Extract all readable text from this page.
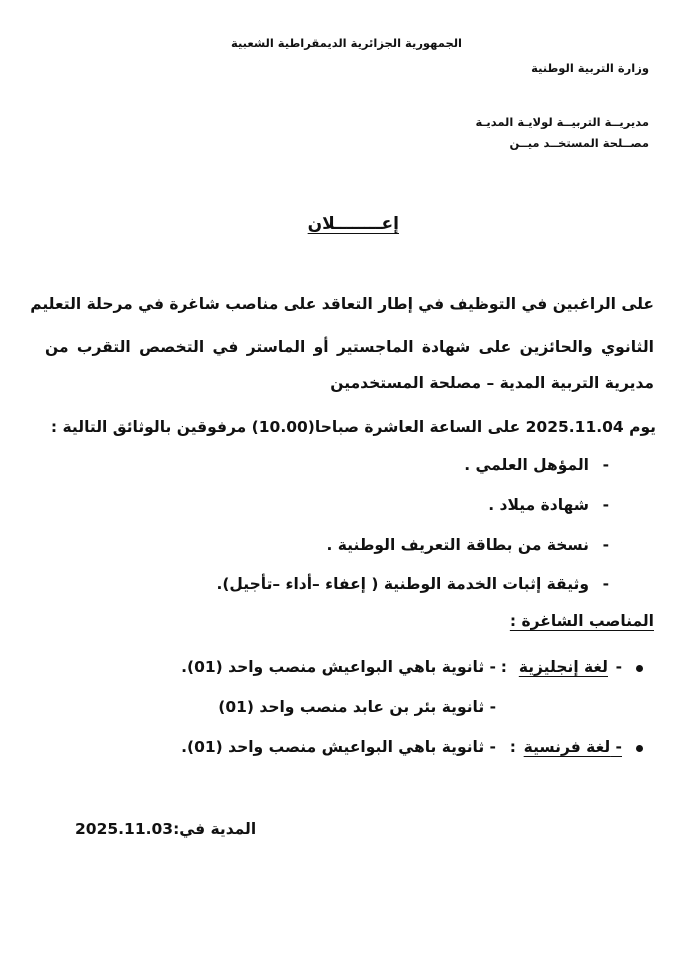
الجمهورية الجزائرية الديمقراطية الشعبية
وزارة التربية الوطنية
مديريــة التربيــة لولايـة المديـة
مصــلحة المستخــد ميــن
إعــــــــلان
على الراغبين في التوظيف في إطار التعاقد على مناصب شاغرة في مرحلة التعليم
الثانوي والحائزين على شهادة الماجستير أو الماستر في التخصص التقرب من
مديرية التربية المدية – مصلحة المستخدمين
يوم 2025.11.04 على الساعة العاشرة صباحا(10.00) مرفوقين بالوثائق التالية :
-
المؤهل العلمي .
-
شهادة ميلاد .
-
نسخة من بطاقة التعريف الوطنية .
-
وثيقة إثبات الخدمة الوطنية ( إعفاء –أداء –تأجيل).
المناصب الشاغرة :
-
لغة إنجليزية
:
- ثانوية باهي البواعيش منصب واحد (01).
- ثانوية بئر بن عابد منصب واحد (01)
- لغة فرنسية
:
- ثانوية باهي البواعيش منصب واحد (01).
المدية في:2025.11.03
